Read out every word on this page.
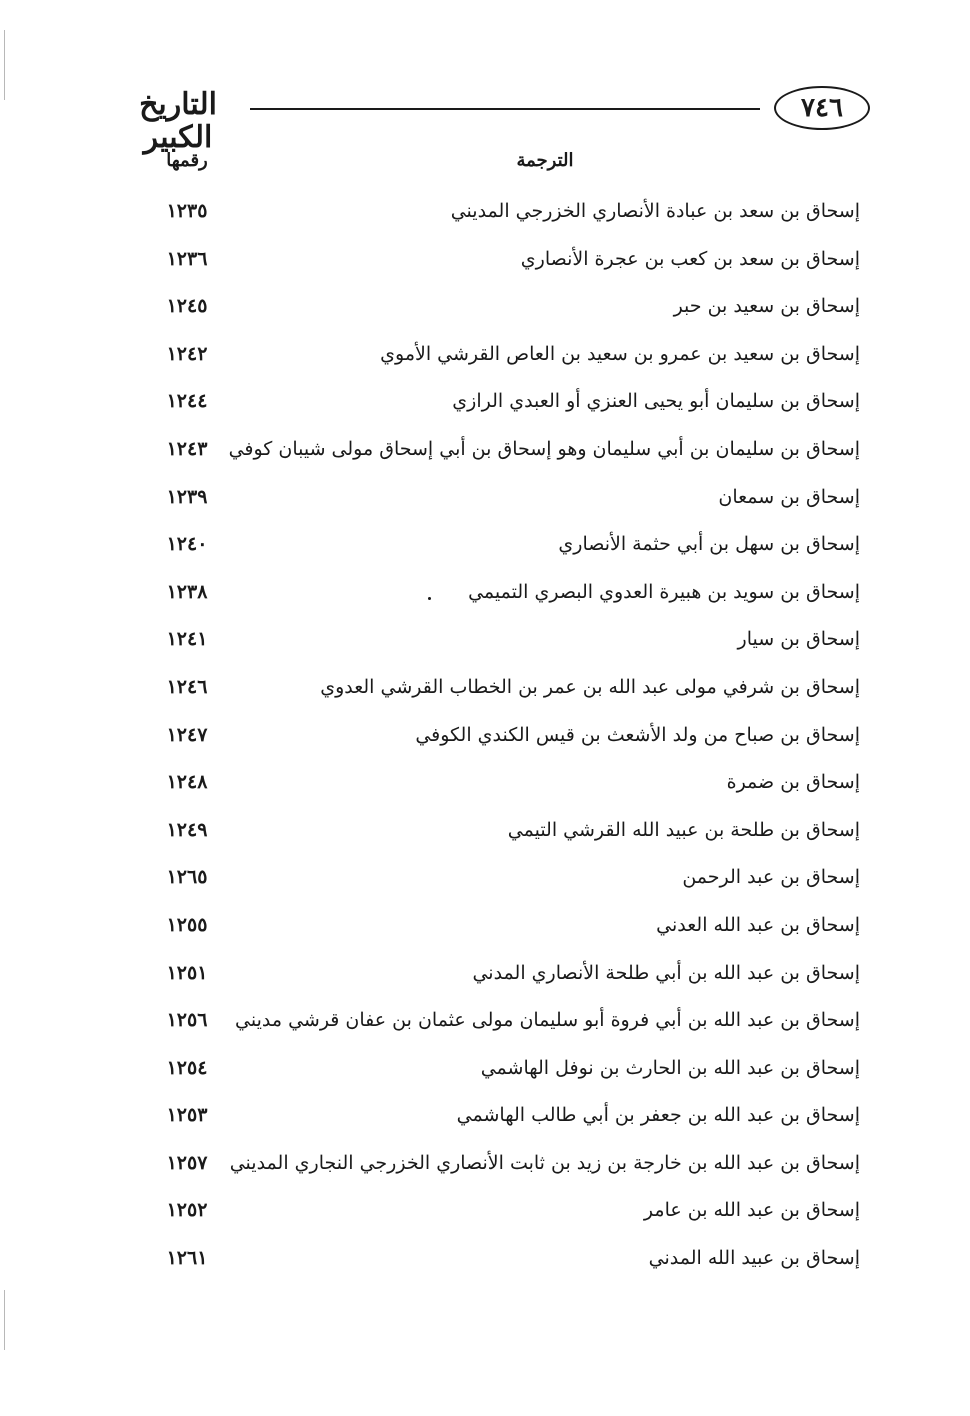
التاريخ الكبير
٧٤٦
رقمها	الترجمة
١٢٣٥	إسحاق بن سعد بن عبادة الأنصاري الخزرجي المديني
١٢٣٦	إسحاق بن سعد بن كعب بن عجرة الأنصاري
١٢٤٥	إسحاق بن سعيد بن حبر
١٢٤٢	إسحاق بن سعيد بن عمرو بن سعيد بن العاص القرشي الأموي
١٢٤٤	إسحاق بن سليمان أبو يحيى العنزي أو العبدي الرازي
١٢٤٣	إسحاق بن سليمان بن أبي سليمان وهو إسحاق بن أبي إسحاق مولى شيبان كوفي
١٢٣٩	إسحاق بن سمعان
١٢٤٠	إسحاق بن سهل بن أبي حثمة الأنصاري
١٢٣٨	إسحاق بن سويد بن هبيرة العدوي البصري التميمي
١٢٤١	إسحاق بن سيار
١٢٤٦	إسحاق بن شرفي مولى عبد الله بن عمر بن الخطاب القرشي العدوي
١٢٤٧	إسحاق بن صباح من ولد الأشعث بن قيس الكندي الكوفي
١٢٤٨	إسحاق بن ضمرة
١٢٤٩	إسحاق بن طلحة بن عبيد الله القرشي التيمي
١٢٦٥	إسحاق بن عبد الرحمن
١٢٥٥	إسحاق بن عبد الله العدني
١٢٥١	إسحاق بن عبد الله بن أبي طلحة الأنصاري المدني
١٢٥٦	إسحاق بن عبد الله بن أبي فروة أبو سليمان مولى عثمان بن عفان قرشي مديني
١٢٥٤	إسحاق بن عبد الله بن الحارث بن نوفل الهاشمي
١٢٥٣	إسحاق بن عبد الله بن جعفر بن أبي طالب الهاشمي
١٢٥٧	إسحاق بن عبد الله بن خارجة بن زيد بن ثابت الأنصاري الخزرجي النجاري المديني
١٢٥٢	إسحاق بن عبد الله بن عامر
١٢٦١	إسحاق بن عبيد الله المدني
